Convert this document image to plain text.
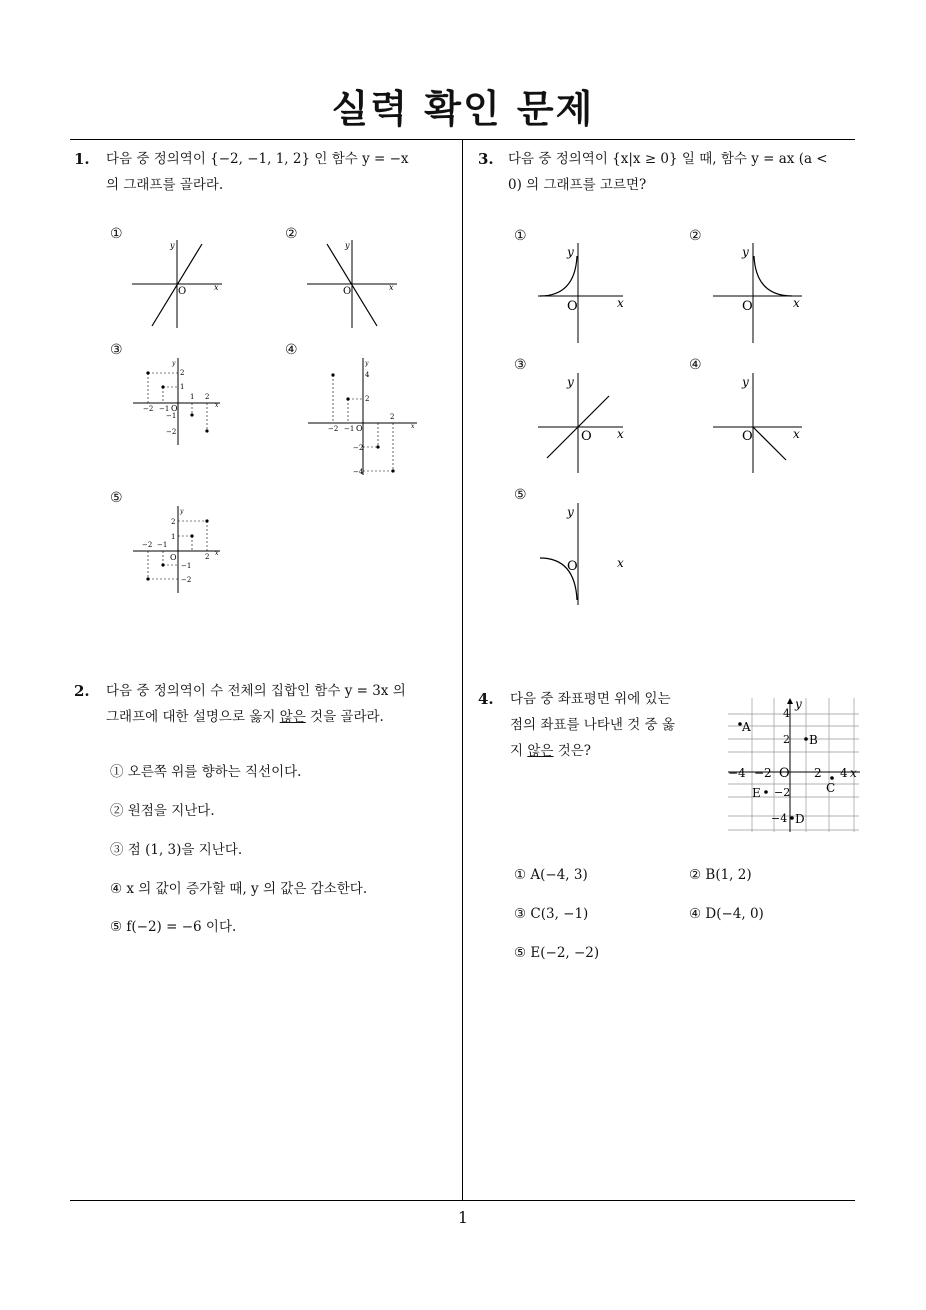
실력 확인 문제
1. 다음 중 정의역이 {−2, −1, 1, 2} 인 함수 y = −x
의 그래프를 골라라.
①	②
③	④
⑤
O	x
y
O	x
y
2
1
−2 −1
1 2
−1
−2
O	x
y
4
2
−2 −1
2
−2
−4
O	x
y
2
1
−2 −1
2
−1
−2
O	x
y
2. 다음 중 정의역이 수 전체의 집합인 함수 y = 3x 의
그래프에 대한 설명으로 옳지 않은 것을 골라라.
① 오른쪽 위를 향하는 직선이다.
② 원점을 지난다.
③ 점 (1, 3)을 지난다.
④ x 의 값이 증가할 때, y 의 값은 감소한다.
⑤ f(−2) = −6 이다.
3. 다음 중 정의역이 {x|x ≥ 0} 일 때, 함수 y = ax (a <
0) 의 그래프를 고르면?
①	②
③	④
⑤
O	x
y
O	x
y
O x
y
O	x
y
O	x
y
4. 다음 중 좌표평면 위에 있는
점의 좌표를 나타낸 것 중 옳
지 않은 것은?
y
4
A
2 B
−4 −2 O 2 4 x
C
E −2
−4 D
① A(−4, 3)	② B(1, 2)
③ C(3, −1)	④ D(−4, 0)
⑤ E(−2, −2)
1
